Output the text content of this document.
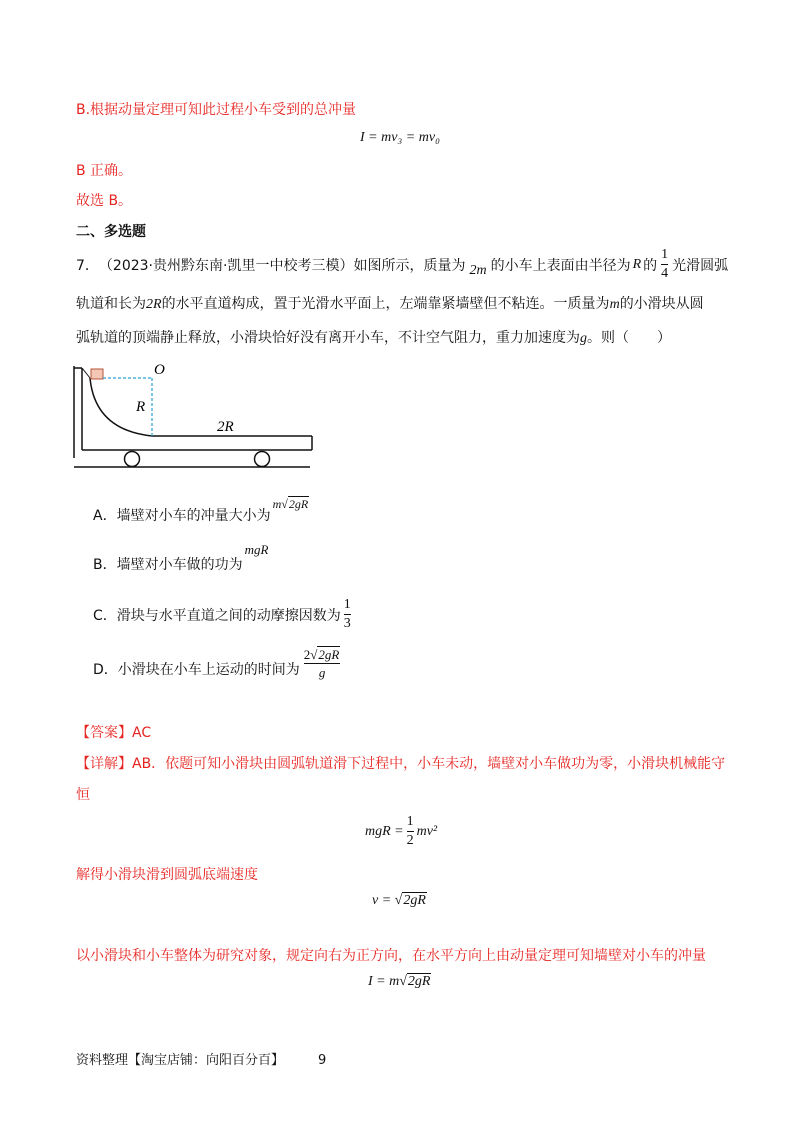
B.根据动量定理可知此过程小车受到的总冲量
I = mv₃ = mv₀
B 正确。
故选 B。
二、多选题
7． （2023·贵州黔东南·凯里一中校考三模）如图所示，质量为 2m 的小车上表面由半径为 R 的 $\frac{1}{4}$ 光滑圆弧
轨道和长为2R的水平直道构成，置于光滑水平面上，左端靠紧墙壁但不粘连。一质量为m的小滑块从圆
弧轨道的顶端静止释放，小滑块恰好没有离开小车，不计空气阻力，重力加速度为g。则（　　）
O
R
2R
A．墙壁对小车的冲量大小为
m√2gR
B．墙壁对小车做的功为
mgR
C．滑块与水平直道之间的动摩擦因数为 $\frac{1}{3}$
D．小滑块在小车上运动的时间为 $\frac{2√2gR}{g}$
【答案】AC
【详解】AB．依题可知小滑块由圆弧轨道滑下过程中，小车未动，墙壁对小车做功为零，小滑块机械能守
恒
mgR = $\frac{1}{2} mv^2$
解得小滑块滑到圆弧底端速度
v = √2gR
以小滑块和小车整体为研究对象，规定向右为正方向，在水平方向上由动量定理可知墙壁对小车的冲量
I = m√2gR
资料整理【淘宝店铺：向阳百分百】	9
